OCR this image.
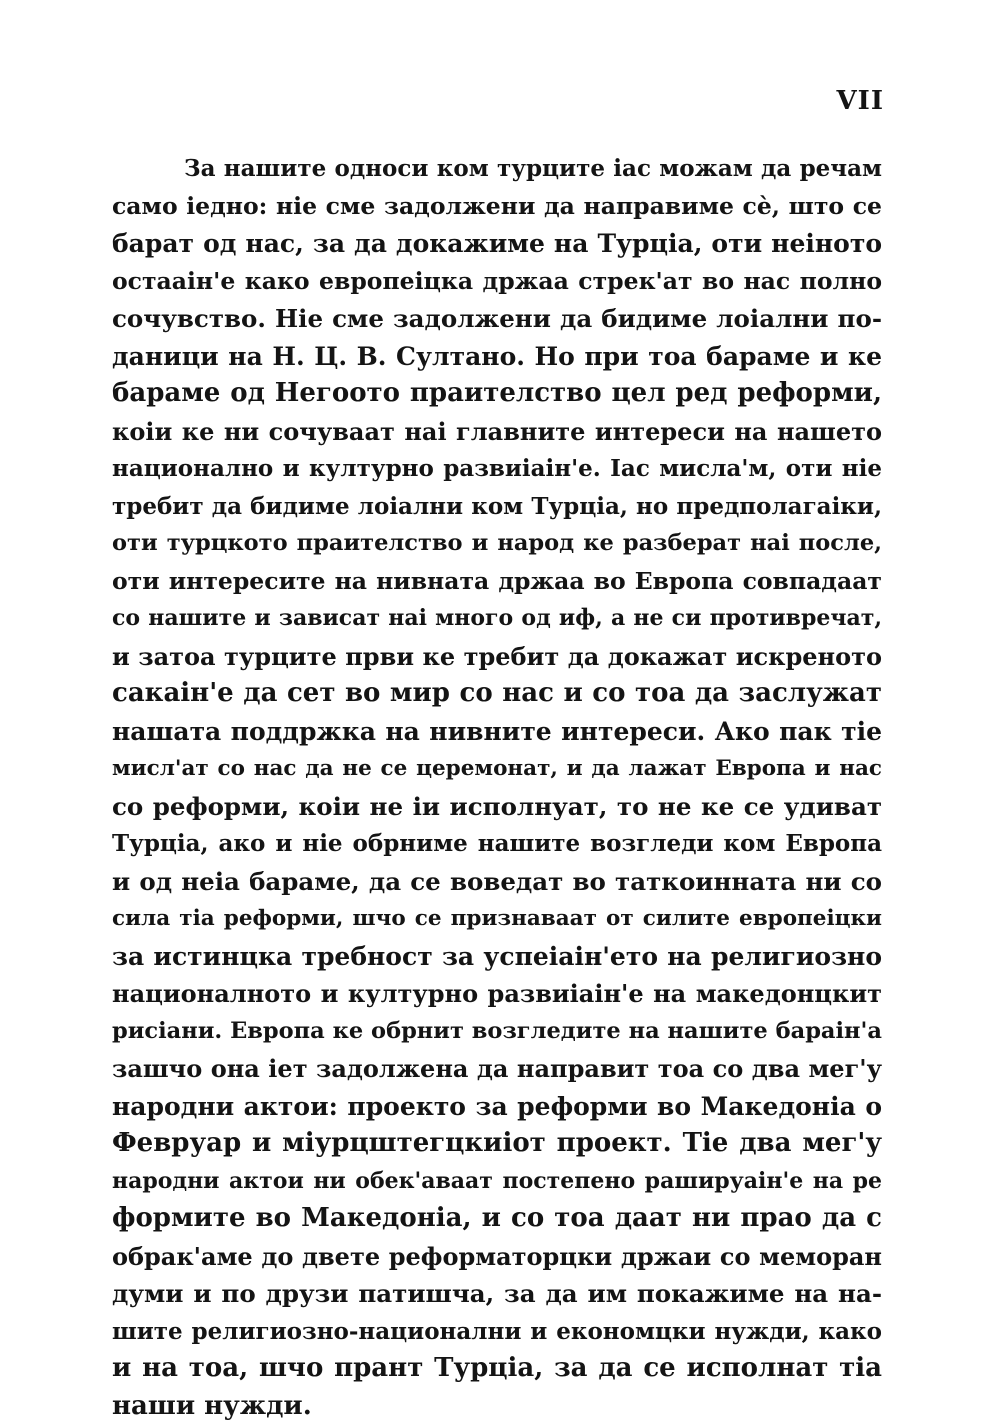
VII
За нашите односи ком турците іас можам да речам
само іедно: ніе сме задолжени да направиме сè, што се
барат од нас, за да докажиме на Турціа, оти неіното
остааін'е како европеіцка држаа стрек'ат во нас полно
сочувство. Ніе сме задолжени да бидиме лоіални по-
даници на Н. Ц. В. Султано. Но при тоа бараме и ке
бараме од Негоото праителство цел ред реформи,
коіи ке ни сочуваат наі главните интереси на нашето
национално и културно развиіаін'е. Іас мисла'м, оти ніе
требит да бидиме лоіални ком Турціа, но предполагаіки,
оти турцкото праителство и народ ке разберат наі после,
оти интересите на нивната држаа во Европа совпадаат
со нашите и зависат наі много од иф, а не си противречат,
и затоа турците први ке требит да докажат искреното
сакаін'е да сет во мир со нас и со тоа да заслужат
нашата поддржка на нивните интереси. Ако пак тіе
мисл'ат со нас да не се церемонат, и да лажат Европа и нас
со реформи, коіи не іи исполнуат, то не ке се удиват
Турціа, ако и ніе обрниме нашите возгледи ком Европа
и од неіа бараме, да се воведат во таткоинната ни со
сила тіа реформи, шчо се признаваат от силите европеіцки
за истинцка требност за успеіаін'ето на религиозно
националното и културно развиіаін'е на македонцкит
рисіани. Европа ке обрнит возгледите на нашите бараін'а
зашчо она іет задолжена да направит тоа со два мег'у
народни актои: проекто за реформи во Македоніа о
Февруар и міурцштегцкиіот проект. Тіе два мег'у
народни актои ни обек'аваат постепено рашируаін'е на ре
формите во Македоніа, и со тоа даат ни прао да с
обрак'аме до двете реформаторцки држаи со меморан
думи и по друзи патишча, за да им покажиме на на-
шите религиозно-национални и економцки нужди, како
и на тоа, шчо прант Турціа, за да се исполнат тіа
наши нужди.
